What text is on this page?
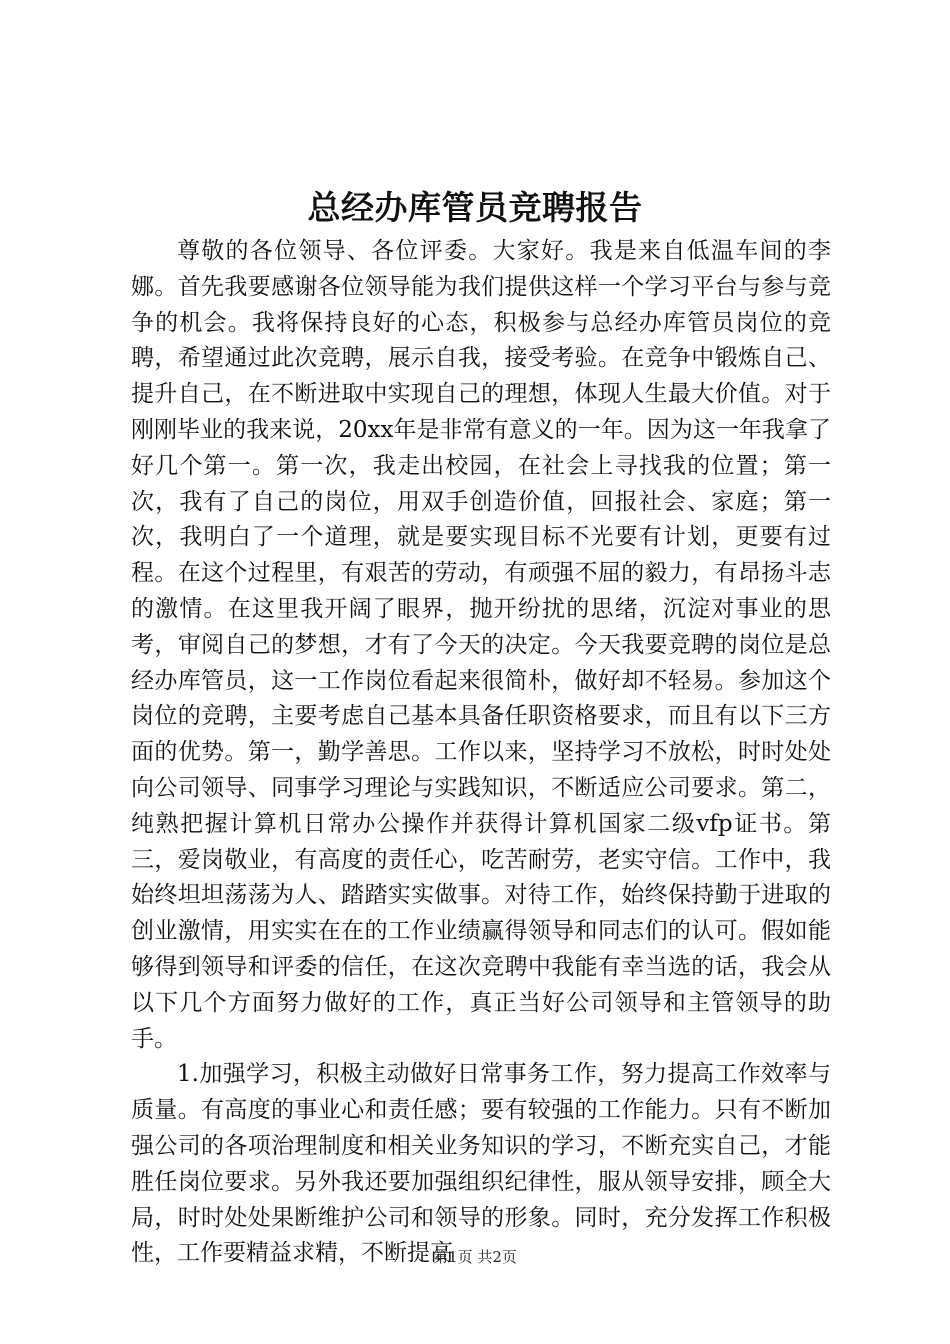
总经办库管员竞聘报告

尊敬的各位领导、各位评委。大家好。我是来自低温车间的李娜。首先我要感谢各位领导能为我们提供这样一个学习平台与参与竞争的机会。我将保持良好的心态，积极参与总经办库管员岗位的竞聘，希望通过此次竞聘，展示自我，接受考验。在竞争中锻炼自己、提升自己，在不断进取中实现自己的理想，体现人生最大价值。对于刚刚毕业的我来说，20xx年是非常有意义的一年。因为这一年我拿了好几个第一。第一次，我走出校园，在社会上寻找我的位置；第一次，我有了自己的岗位，用双手创造价值，回报社会、家庭；第一次，我明白了一个道理，就是要实现目标不光要有计划，更要有过程。在这个过程里，有艰苦的劳动，有顽强不屈的毅力，有昂扬斗志的激情。在这里我开阔了眼界，抛开纷扰的思绪，沉淀对事业的思考，审阅自己的梦想，才有了今天的决定。今天我要竞聘的岗位是总经办库管员，这一工作岗位看起来很简朴，做好却不轻易。参加这个岗位的竞聘，主要考虑自己基本具备任职资格要求，而且有以下三方面的优势。第一，勤学善思。工作以来，坚持学习不放松，时时处处向公司领导、同事学习理论与实践知识，不断适应公司要求。第二，纯熟把握计算机日常办公操作并获得计算机国家二级vfp证书。第三，爱岗敬业，有高度的责任心，吃苦耐劳，老实守信。工作中，我始终坦坦荡荡为人、踏踏实实做事。对待工作，始终保持勤于进取的创业激情，用实实在在的工作业绩赢得领导和同志们的认可。假如能够得到领导和评委的信任，在这次竞聘中我能有幸当选的话，我会从以下几个方面努力做好的工作，真正当好公司领导和主管领导的助手。

1.加强学习，积极主动做好日常事务工作，努力提高工作效率与质量。有高度的事业心和责任感；要有较强的工作能力。只有不断加强公司的各项治理制度和相关业务知识的学习，不断充实自己，才能胜任岗位要求。另外我还要加强组织纪律性，服从领导安排，顾全大局，时时处处果断维护公司和领导的形象。同时，充分发挥工作积极性，工作要精益求精，不断提高

第1页 共2页
